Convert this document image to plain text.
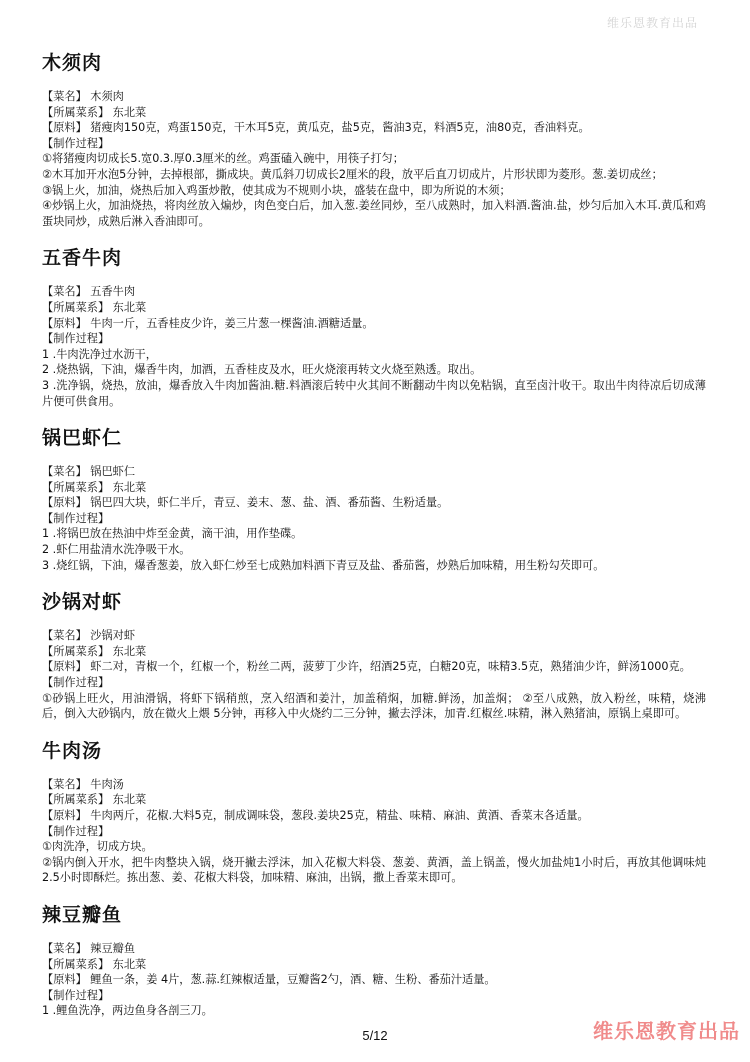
维乐恩教育出品
木须肉
【菜名】 木须肉
【所属菜系】 东北菜
【原料】 猪瘦肉150克，鸡蛋150克，干木耳5克，黄瓜克，盐5克，酱油3克，料酒5克，油80克，香油料克。
【制作过程】
①将猪瘦肉切成长5.宽0.3.厚0.3厘米的丝。鸡蛋磕入碗中，用筷子打匀；
②木耳加开水泡5分钟，去掉根部，撕成块。黄瓜斜刀切成长2厘米的段，放平后直刀切成片，片形状即为菱形。葱.姜切成丝；
③锅上火，加油，烧热后加入鸡蛋炒散，使其成为不规则小块，盛装在盘中，即为所说的木须；
④炒锅上火，加油烧热，将肉丝放入煸炒，肉色变白后，加入葱.姜丝同炒，至八成熟时，加入料酒.酱油.盐，炒匀后加入木耳.黄瓜和鸡蛋块同炒，成熟后淋入香油即可。
五香牛肉
【菜名】 五香牛肉
【所属菜系】 东北菜
【原料】 牛肉一斤，五香桂皮少许，姜三片葱一棵酱油.酒糖适量。
【制作过程】
1 .牛肉洗净过水沥干，
2 .烧热锅，下油，爆香牛肉，加酒，五香桂皮及水，旺火烧滚再转文火烧至熟透。取出。
3 .洗净锅，烧热，放油，爆香放入牛肉加酱油.糖.料酒滚后转中火其间不断翻动牛肉以免粘锅，直至卤汁收干。取出牛肉待凉后切成薄片便可供食用。
锅巴虾仁
【菜名】 锅巴虾仁
【所属菜系】 东北菜
【原料】 锅巴四大块，虾仁半斤，青豆、姜末、葱、盐、酒、番茄酱、生粉适量。
【制作过程】
1 .将锅巴放在热油中炸至金黄，滴干油，用作垫碟。
2 .虾仁用盐清水洗净吸干水。
3 .烧红锅，下油，爆香葱姜，放入虾仁炒至七成熟加料酒下青豆及盐、番茄酱，炒熟后加味精，用生粉勾芡即可。
沙锅对虾
【菜名】 沙锅对虾
【所属菜系】 东北菜
【原料】 虾二对，青椒一个，红椒一个，粉丝二两，菠萝丁少许，绍酒25克，白糖20克，味精3.5克，熟猪油少许，鲜汤1000克。
【制作过程】
①砂锅上旺火，用油滑锅，将虾下锅稍煎，烹入绍酒和姜汁，加盖稍焖，加糖.鲜汤，加盖焖； ②至八成熟，放入粉丝，味精，烧沸后，倒入大砂锅内，放在微火上煨 5分钟，再移入中火烧约二三分钟，撇去浮沫，加青.红椒丝.味精，淋入熟猪油，原锅上桌即可。
牛肉汤
【菜名】 牛肉汤
【所属菜系】 东北菜
【原料】 牛肉两斤，花椒.大料5克，制成调味袋，葱段.姜块25克，精盐、味精、麻油、黄酒、香菜末各适量。
【制作过程】
①肉洗净，切成方块。
②锅内倒入开水，把牛肉整块入锅，烧开撇去浮沫，加入花椒大料袋、葱姜、黄酒，盖上锅盖，慢火加盐炖1小时后，再放其他调味炖2.5小时即酥烂。拣出葱、姜、花椒大料袋，加味精、麻油，出锅，撒上香菜末即可。
辣豆瓣鱼
【菜名】 辣豆瓣鱼
【所属菜系】 东北菜
【原料】 鲤鱼一条，姜 4片，葱.蒜.红辣椒适量，豆瓣酱2勺，酒、糖、生粉、番茄汁适量。
【制作过程】
1 .鲤鱼洗净，两边鱼身各剖三刀。
5/12	维乐恩教育出品
